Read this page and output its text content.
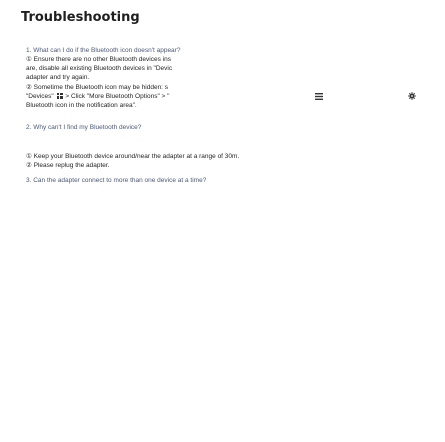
Troubleshooting
1. What can I do if the Bluetooth icon doesn't appear?
① Ensure there are no other Bluetooth devices ins
are, disable all existing Bluetooth devices in "Devic
adapter and try again.
② Sometime the Bluetooth icon may be hidden: s
"Devices" > Click "More Bluetooth Options" > "
Bluetooth icon in the notification area".
2. Why can't I find my Bluetooth device?
① Keep your Bluetooth device around/near the adapter at a range of 30m.
② Please replug the adapter.
3. Can the adapter connect to more than one device at a time?
